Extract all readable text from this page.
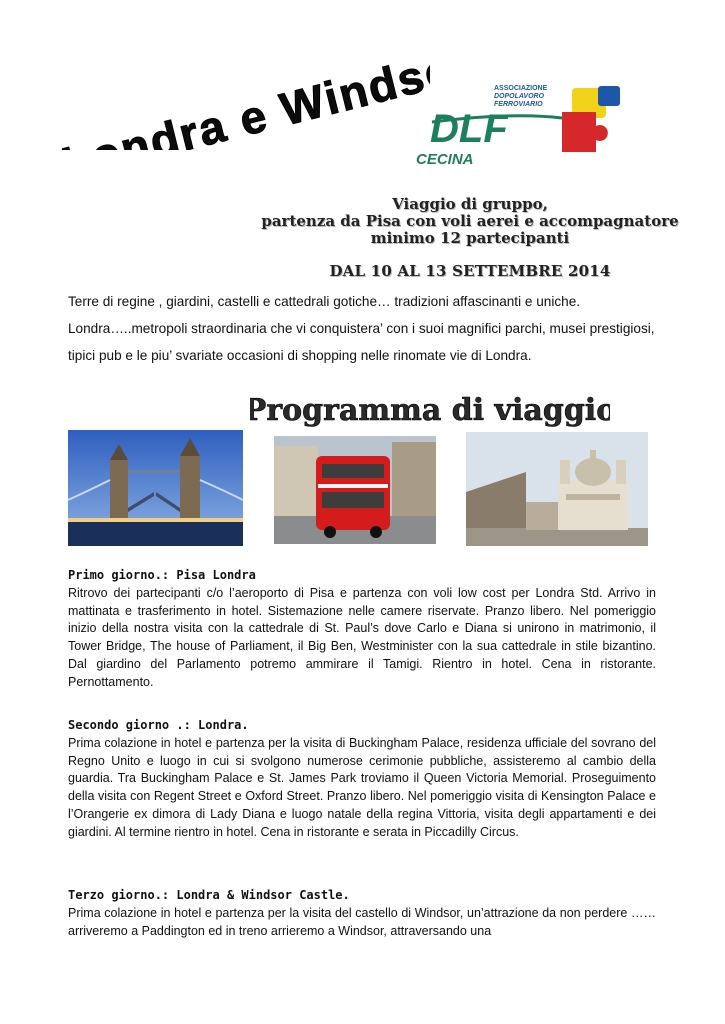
Londra e Windsor ASSOCIAZIONE
DOPOLAVORO
FERROVIARIO
DLF
CECINA
Viaggio di gruppo,
partenza da Pisa con voli aerei e accompagnatore
minimo 12 partecipanti
DAL 10 AL 13 SETTEMBRE 2014
Terre di regine , giardini, castelli e cattedrali gotiche… tradizioni affascinanti e uniche. Londra…..metropoli straordinaria che vi conquistera’ con i suoi magnifici parchi, musei prestigiosi, tipici pub e le piu’ svariate occasioni di shopping nelle rinomate vie di Londra.
Programma di viaggio
Primo giorno.: Pisa Londra
Ritrovo dei partecipanti c/o l’aeroporto di Pisa e partenza con voli low cost per Londra Std. Arrivo in mattinata e trasferimento in hotel. Sistemazione nelle camere riservate. Pranzo libero. Nel pomeriggio inizio della nostra visita con la cattedrale di St. Paul’s dove Carlo e Diana si unirono in matrimonio, il Tower Bridge, The house of Parliament, il Big Ben, Westminister con la sua cattedrale in stile bizantino. Dal giardino del Parlamento potremo ammirare il Tamigi. Rientro in hotel. Cena in ristorante. Pernottamento.
Secondo giorno .: Londra.
Prima colazione in hotel e partenza per la visita di Buckingham Palace, residenza ufficiale del sovrano del Regno Unito e luogo in cui si svolgono numerose cerimonie pubbliche, assisteremo al cambio della guardia. Tra Buckingham Palace e St. James Park troviamo il Queen Victoria Memorial. Proseguimento della visita con Regent Street e Oxford Street. Pranzo libero. Nel pomeriggio visita di Kensington Palace e l’Orangerie ex dimora di Lady Diana e luogo natale della regina Vittoria, visita degli appartamenti e dei giardini. Al termine rientro in hotel. Cena in ristorante e serata in Piccadilly Circus.
Terzo giorno.: Londra & Windsor Castle.
Prima colazione in hotel e partenza per la visita del castello di Windsor, un’attrazione da non perdere …… arriveremo a Paddington ed in treno arrieremo a Windsor, attraversando una
